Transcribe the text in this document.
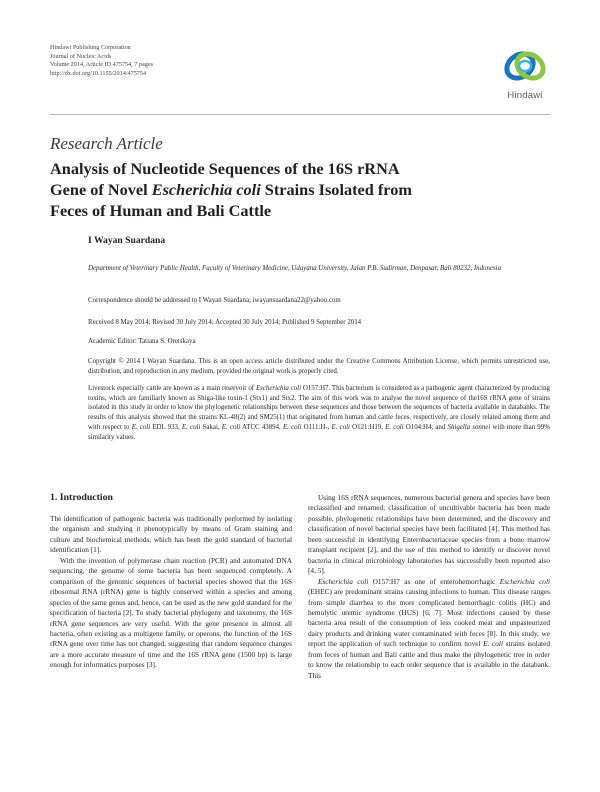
Hindawi Publishing Corporation
Journal of Nucleic Acids
Volume 2014, Article ID 475754, 7 pages
http://dx.doi.org/10.1155/2014/475754
Hindawi
Research Article
Analysis of Nucleotide Sequences of the 16S rRNA
Gene of Novel Escherichia coli Strains Isolated from
Feces of Human and Bali Cattle
I Wayan Suardana
Department of Veterinary Public Health, Faculty of Veterinary Medicine, Udayana University, Jalan P.B. Sudirman, Denpasar, Bali 80232, Indonesia
Correspondence should be addressed to I Wayan Suardana; iwayansuardana22@yahoo.com
Received 8 May 2014; Revised 30 July 2014; Accepted 30 July 2014; Published 9 September 2014
Academic Editor: Tatiana S. Oretskaya
Copyright © 2014 I Wayan Suardana. This is an open access article distributed under the Creative Commons Attribution License, which permits unrestricted use, distribution, and reproduction in any medium, provided the original work is properly cited.
Livestock especially cattle are known as a main reservoir of Escherichia coli O157:H7. This bacterium is considered as a pathogenic agent characterized by producing toxins, which are familiarly known as Shiga-like toxin-1 (Stx1) and Stx2. The aim of this work was to analyse the novel sequence of the16S rRNA gene of strains isolated in this study in order to know the phylogenetic relationships between these sequences and those between the sequences of bacteria available in databanks. The results of this analysis showed that the strains KL-48(2) and SM25(1) that originated from human and cattle feces, respectively, are closely related among them and with respect to E. coli EDL 933, E. coli Sakai, E. coli ATCC 43894, E. coli O111:H-, E. coli O121:H19, E. coli O104:H4, and Shigella sonnei with more than 99% similarity values.
1. Introduction

The identification of pathogenic bacteria was traditionally performed by isolating the organism and studying it phenotypically by means of Gram staining and culture and biochemical methods, which has been the gold standard of bacterial identification [1].

With the invention of polymerase chain reaction (PCR) and automated DNA sequencing, the genome of some bacteria has been sequenced completely. A comparison of the genomic sequences of bacterial species showed that the 16S ribosomal RNA (rRNA) gene is highly conserved within a species and among species of the same genus and, hence, can be used as the new gold standard for the specification of bacteria [2]. To study bacterial phylogeny and taxonomy, the 16S rRNA gene sequences are very useful. With the gene presence in almost all bacteria, often existing as a multigene family, or operons, the function of the 16S rRNA gene over time has not changed, suggesting that random sequence changes are a more accurate measure of time and the 16S rRNA gene (1500 bp) is large enough for informatics purposes [3].

Using 16S rRNA sequences, numerous bacterial genera and species have been reclassified and renamed; classification of uncultivable bacteria has been made possible, phylogenetic relationships have been determined, and the discovery and classification of novel bacterial species have been facilitated [4]. This method has been successful in identifying Enterobacteriaceae species from a bone marrow transplant recipient [2], and the use of this method to identify or discover novel bacteria in clinical microbiology laboratories has successfully been reported also [4, 5].

Escherichia coli O157:H7 as one of enterohemorrhagic Escherichia coli (EHEC) are predominant strains causing infections to human. This disease ranges from simple diarrhea to the more complicated hemorrhagic colitis (HC) and hemolytic uremic syndrome (HUS) [6, 7]. Most infections caused by these bacteria area result of the consumption of less cooked meat and unpasteurized dairy products and drinking water contaminated with feces [8]. In this study, we report the application of such technique to confirm novel E. coli strains isolated from feces of human and Bali cattle and thus make the phylogenetic tree in order to know the relationship to each order sequence that is available in the databank. This
